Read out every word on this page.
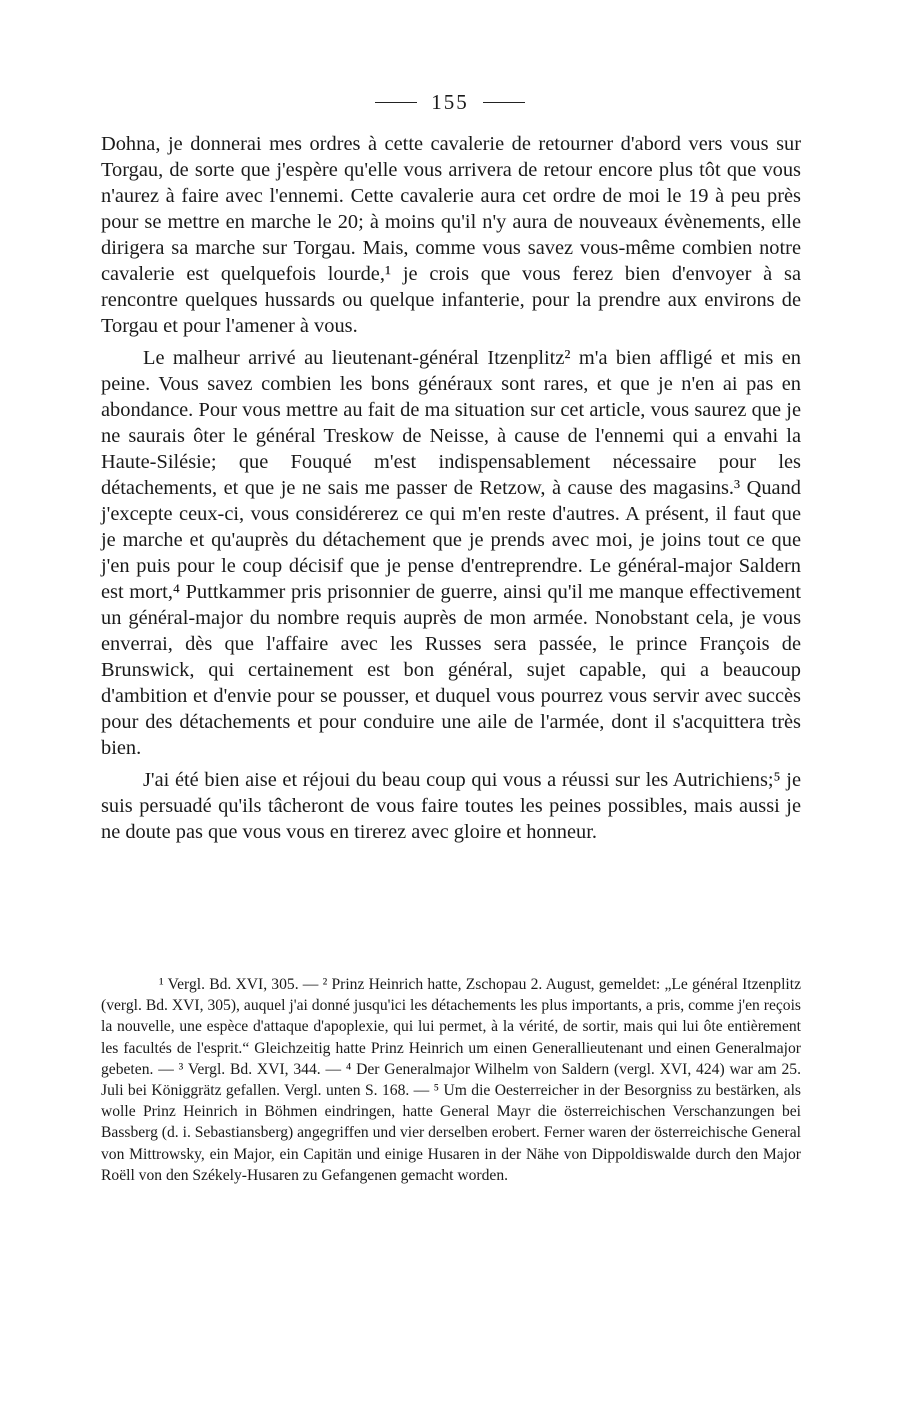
155

Dohna, je donnerai mes ordres à cette cavalerie de retourner d'abord vers vous sur Torgau, de sorte que j'espère qu'elle vous arrivera de retour encore plus tôt que vous n'aurez à faire avec l'ennemi. Cette cavalerie aura cet ordre de moi le 19 à peu près pour se mettre en marche le 20; à moins qu'il n'y aura de nouveaux évènements, elle dirigera sa marche sur Torgau. Mais, comme vous savez vous-même combien notre cavalerie est quelquefois lourde,¹ je crois que vous ferez bien d'envoyer à sa rencontre quelques hussards ou quelque infanterie, pour la prendre aux environs de Torgau et pour l'amener à vous.

Le malheur arrivé au lieutenant-général Itzenplitz² m'a bien affligé et mis en peine. Vous savez combien les bons généraux sont rares, et que je n'en ai pas en abondance. Pour vous mettre au fait de ma situation sur cet article, vous saurez que je ne saurais ôter le général Treskow de Neisse, à cause de l'ennemi qui a envahi la Haute-Silésie; que Fouqué m'est indispensablement nécessaire pour les détachements, et que je ne sais me passer de Retzow, à cause des magasins.³ Quand j'excepte ceux-ci, vous considérerez ce qui m'en reste d'autres. A présent, il faut que je marche et qu'auprès du détachement que je prends avec moi, je joins tout ce que j'en puis pour le coup décisif que je pense d'entreprendre. Le général-major Saldern est mort,⁴ Puttkammer pris prisonnier de guerre, ainsi qu'il me manque effectivement un général-major du nombre requis auprès de mon armée. Nonobstant cela, je vous enverrai, dès que l'affaire avec les Russes sera passée, le prince François de Brunswick, qui certainement est bon général, sujet capable, qui a beaucoup d'ambition et d'envie pour se pousser, et duquel vous pourrez vous servir avec succès pour des détachements et pour conduire une aile de l'armée, dont il s'acquittera très bien.

J'ai été bien aise et réjoui du beau coup qui vous a réussi sur les Autrichiens;⁵ je suis persuadé qu'ils tâcheront de vous faire toutes les peines possibles, mais aussi je ne doute pas que vous vous en tirerez avec gloire et honneur.

¹ Vergl. Bd. XVI, 305. — ² Prinz Heinrich hatte, Zschopau 2. August, gemeldet: „Le général Itzenplitz (vergl. Bd. XVI, 305), auquel j'ai donné jusqu'ici les détachements les plus importants, a pris, comme j'en reçois la nouvelle, une espèce d'attaque d'apoplexie, qui lui permet, à la vérité, de sortir, mais qui lui ôte entièrement les facultés de l'esprit.“ Gleichzeitig hatte Prinz Heinrich um einen Generallieutenant und einen Generalmajor gebeten. — ³ Vergl. Bd. XVI, 344. — ⁴ Der Generalmajor Wilhelm von Saldern (vergl. XVI, 424) war am 25. Juli bei Königgrätz gefallen. Vergl. unten S. 168. — ⁵ Um die Oesterreicher in der Besorgniss zu bestärken, als wolle Prinz Heinrich in Böhmen eindringen, hatte General Mayr die österreichischen Verschanzungen bei Bassberg (d. i. Sebastiansberg) angegriffen und vier derselben erobert. Ferner waren der österreichische General von Mittrowsky, ein Major, ein Capitän und einige Husaren in der Nähe von Dippoldiswalde durch den Major Roëll von den Székely-Husaren zu Gefangenen gemacht worden.
